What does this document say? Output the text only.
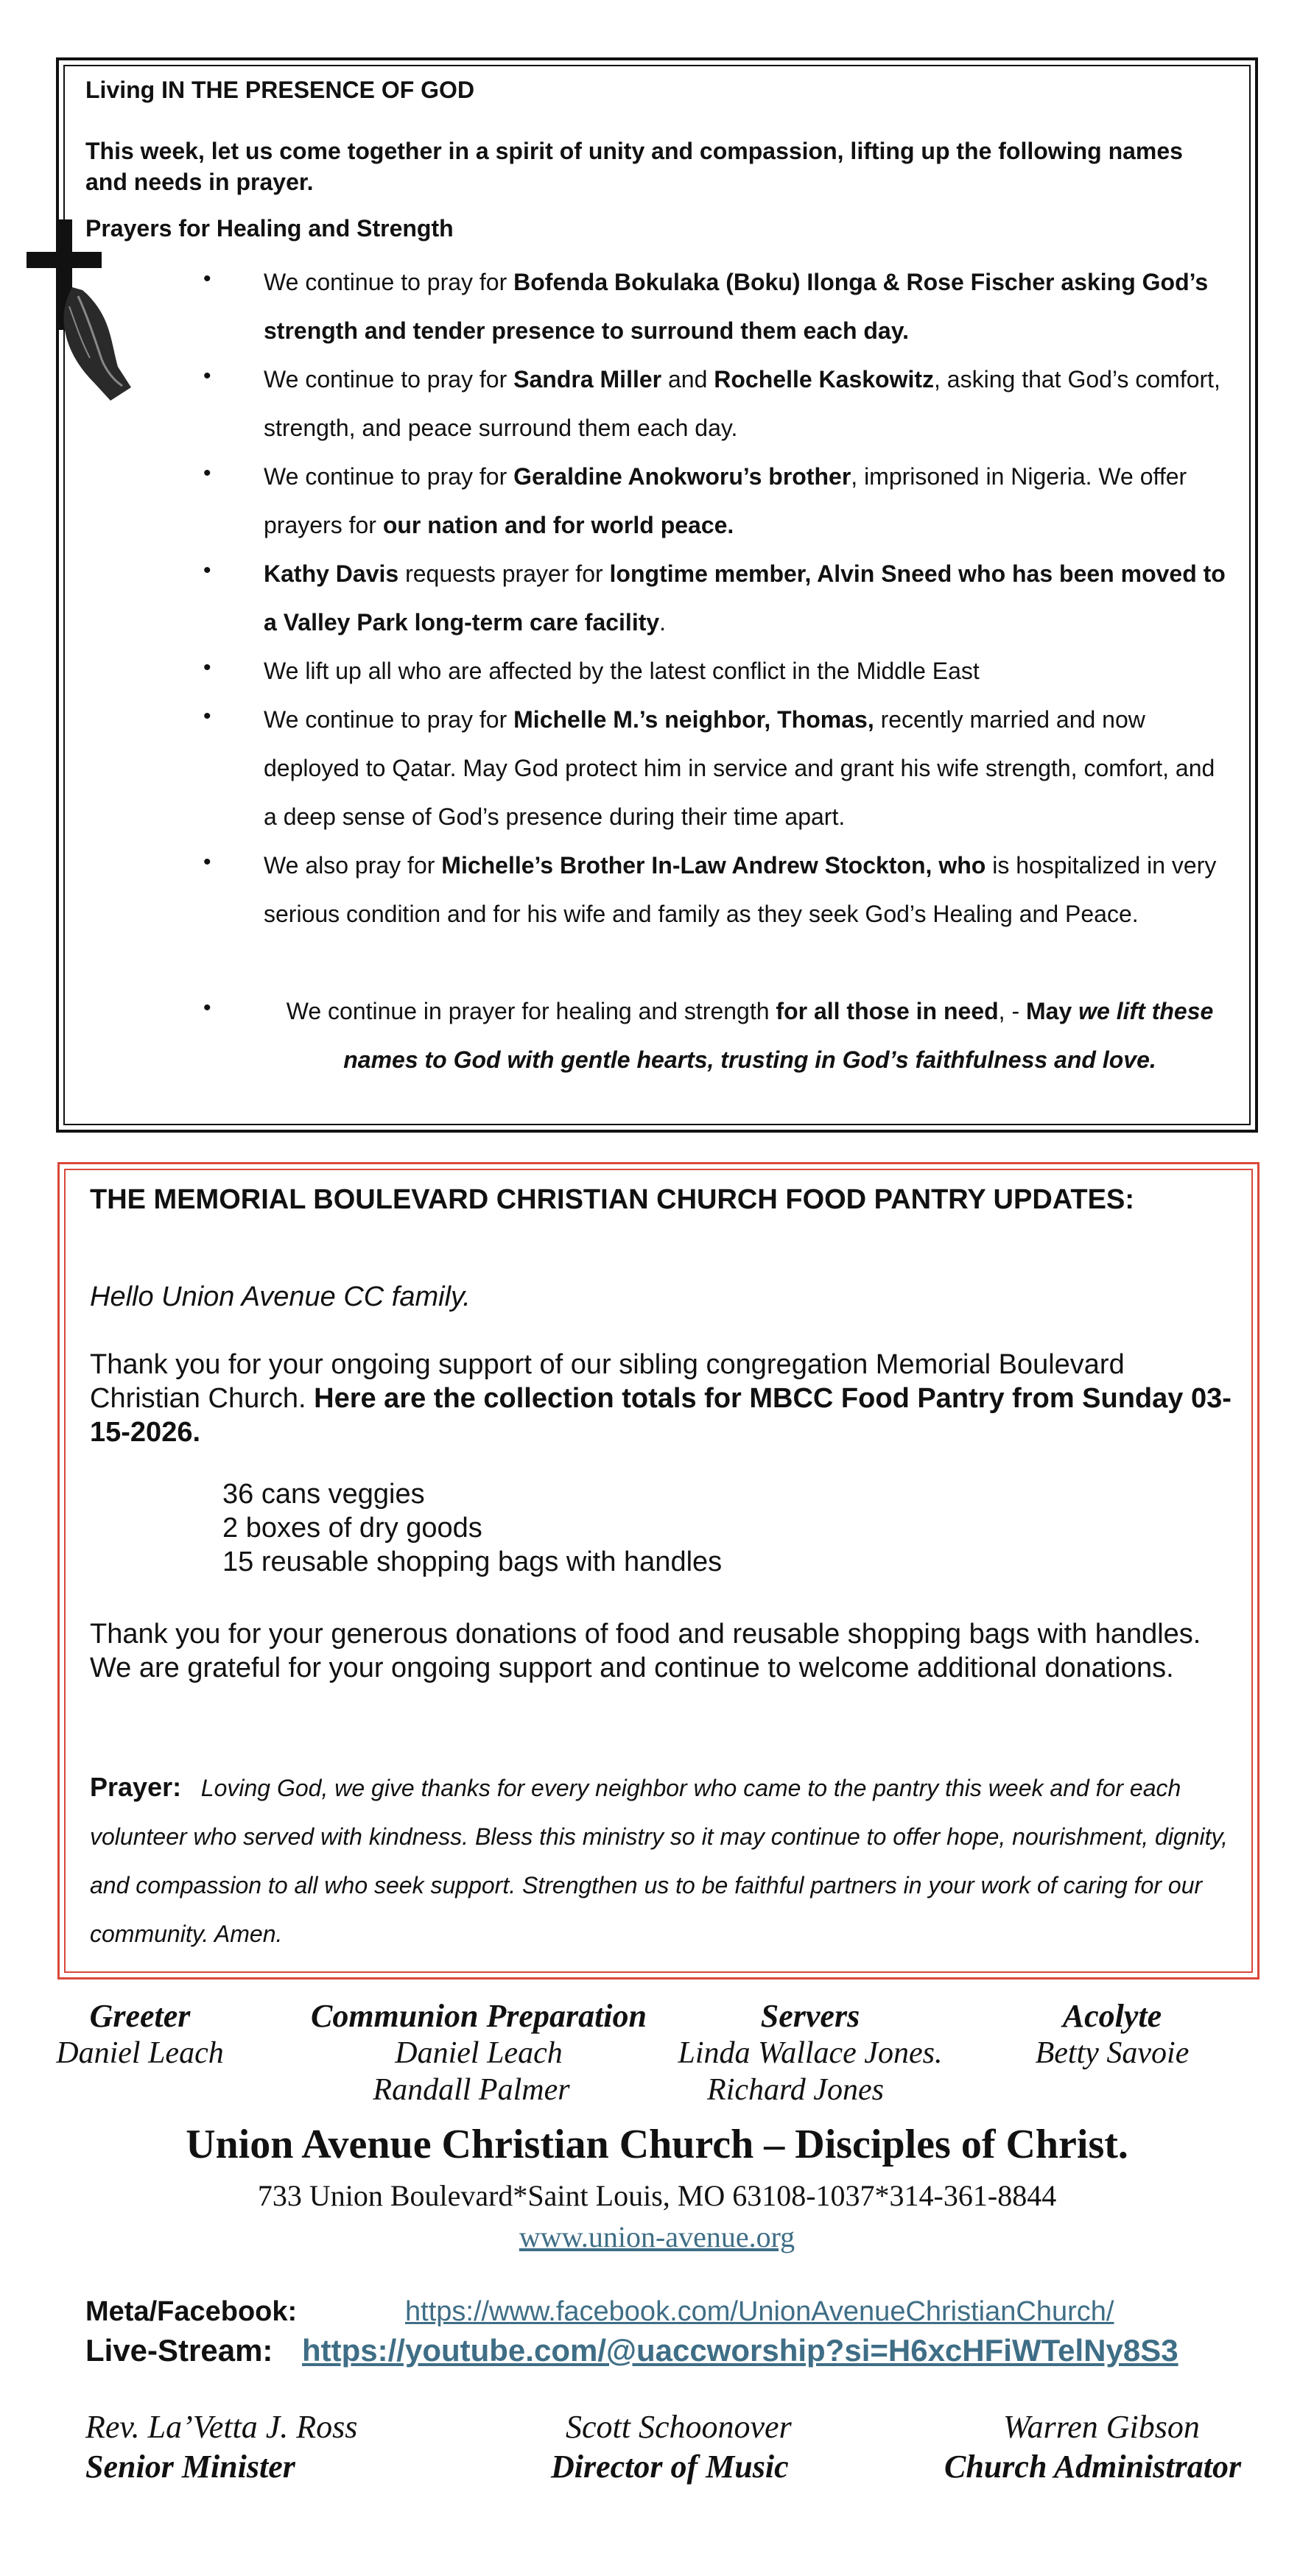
Living IN THE PRESENCE OF GOD
This week, let us come together in a spirit of unity and compassion, lifting up the following names and needs in prayer.
Prayers for Healing and Strength
•
•
•
•
•
•
•
•
We continue to pray for Bofenda Bokulaka (Boku) Ilonga & Rose Fischer asking God’s strength and tender presence to surround them each day.
We continue to pray for Sandra Miller and Rochelle Kaskowitz, asking that God’s comfort, strength, and peace surround them each day.
We continue to pray for Geraldine Anokworu’s brother, imprisoned in Nigeria. We offer prayers for our nation and for world peace.
Kathy Davis requests prayer for longtime member, Alvin Sneed who has been moved to a Valley Park long-term care facility.
We lift up all who are affected by the latest conflict in the Middle East
We continue to pray for Michelle M.’s neighbor, Thomas, recently married and now deployed to Qatar. May God protect him in service and grant his wife strength, comfort, and a deep sense of God’s presence during their time apart.
We also pray for Michelle’s Brother In-Law Andrew Stockton, who is hospitalized in very serious condition and for his wife and family as they seek God’s Healing and Peace.
We continue in prayer for healing and strength for all those in need, - May we lift these names to God with gentle hearts, trusting in God’s faithfulness and love.
THE MEMORIAL BOULEVARD CHRISTIAN CHURCH FOOD PANTRY UPDATES:
Hello Union Avenue CC family.
Thank you for your ongoing support of our sibling congregation Memorial Boulevard Christian Church. Here are the collection totals for MBCC Food Pantry from Sunday 03-15-2026.
36 cans veggies
2 boxes of dry goods
15 reusable shopping bags with handles
Thank you for your generous donations of food and reusable shopping bags with handles. We are grateful for your ongoing support and continue to welcome additional donations.
Prayer: Loving God, we give thanks for every neighbor who came to the pantry this week and for each volunteer who served with kindness. Bless this ministry so it may continue to offer hope, nourishment, dignity, and compassion to all who seek support. Strengthen us to be faithful partners in your work of caring for our community. Amen.
Greeter
Daniel Leach
Communion Preparation
Daniel Leach
Randall Palmer
Servers
Linda Wallace Jones.
Richard Jones
Acolyte
Betty Savoie
Union Avenue Christian Church – Disciples of Christ.
733 Union Boulevard*Saint Louis, MO 63108-1037*314-361-8844
www.union-avenue.org
Meta/Facebook:	https://www.facebook.com/UnionAvenueChristianChurch/
Live-Stream: https://youtube.com/@uaccworship?si=H6xcHFiWTelNy8S3
Rev. La’Vetta J. Ross
Senior Minister
Scott Schoonover
Director of Music
Warren Gibson
Church Administrator
